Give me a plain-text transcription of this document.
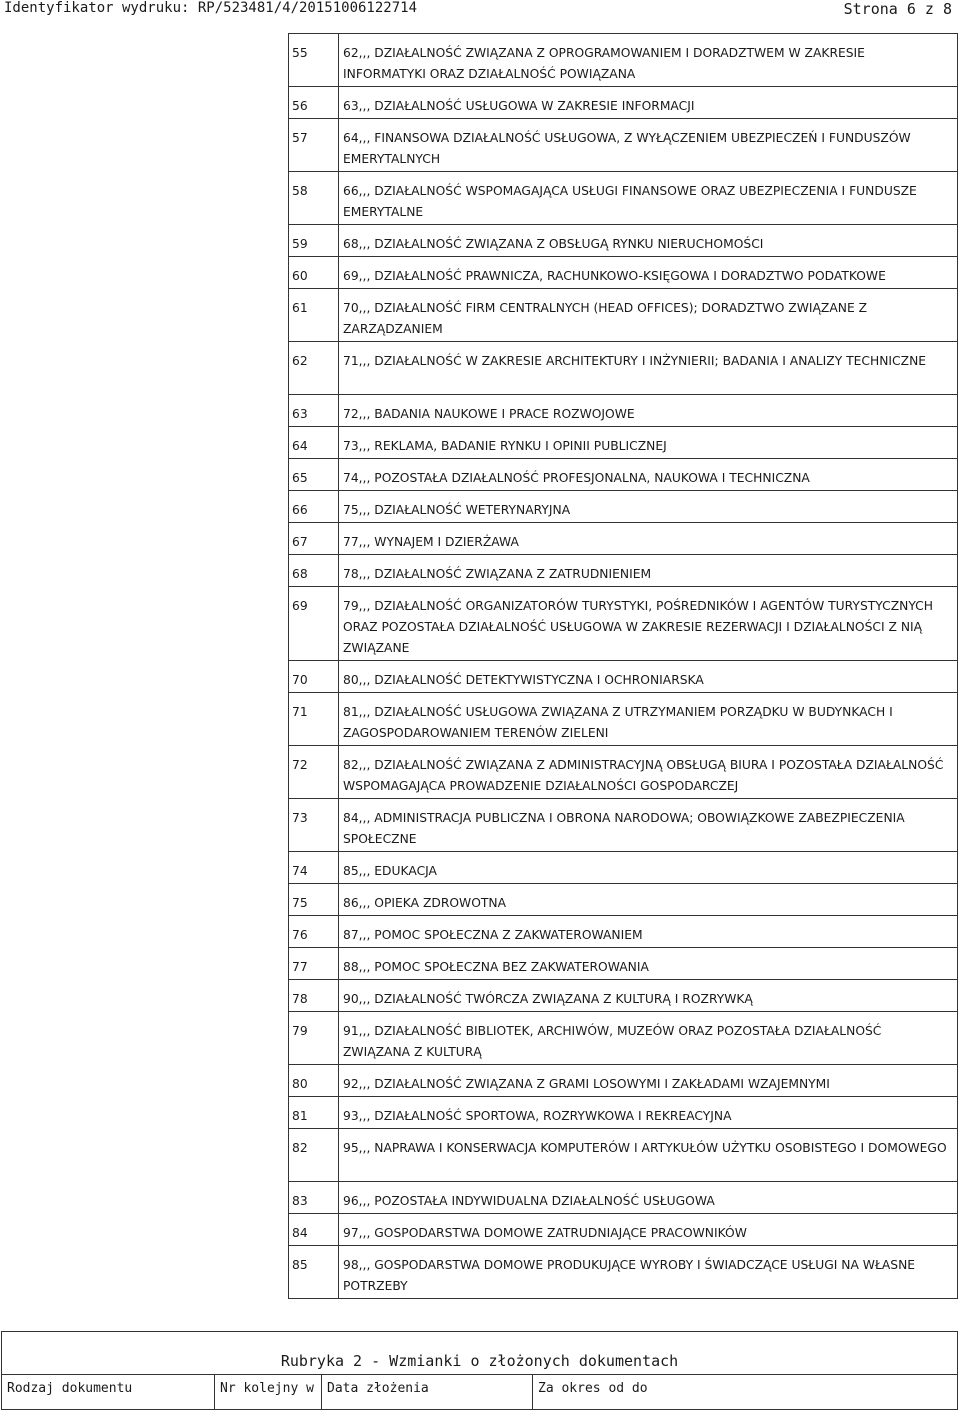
Identyfikator wydruku: RP/523481/4/20151006122714	Strona 6 z 8
55	62,,, DZIAŁALNOŚĆ ZWIĄZANA Z OPROGRAMOWANIEM I DORADZTWEM W ZAKRESIE INFORMATYKI ORAZ DZIAŁALNOŚĆ POWIĄZANA
56	63,,, DZIAŁALNOŚĆ USŁUGOWA W ZAKRESIE INFORMACJI
57	64,,, FINANSOWA DZIAŁALNOŚĆ USŁUGOWA, Z WYŁĄCZENIEM UBEZPIECZEŃ I FUNDUSZÓW EMERYTALNYCH
58	66,,, DZIAŁALNOŚĆ WSPOMAGAJĄCA USŁUGI FINANSOWE ORAZ UBEZPIECZENIA I FUNDUSZE EMERYTALNE
59	68,,, DZIAŁALNOŚĆ ZWIĄZANA Z OBSŁUGĄ RYNKU NIERUCHOMOŚCI
60	69,,, DZIAŁALNOŚĆ PRAWNICZA, RACHUNKOWO-KSIĘGOWA I DORADZTWO PODATKOWE
61	70,,, DZIAŁALNOŚĆ FIRM CENTRALNYCH (HEAD OFFICES); DORADZTWO ZWIĄZANE Z ZARZĄDZANIEM
62	71,,, DZIAŁALNOŚĆ W ZAKRESIE ARCHITEKTURY I INŻYNIERII; BADANIA I ANALIZY TECHNICZNE
63	72,,, BADANIA NAUKOWE I PRACE ROZWOJOWE
64	73,,, REKLAMA, BADANIE RYNKU I OPINII PUBLICZNEJ
65	74,,, POZOSTAŁA DZIAŁALNOŚĆ PROFESJONALNA, NAUKOWA I TECHNICZNA
66	75,,, DZIAŁALNOŚĆ WETERYNARYJNA
67	77,,, WYNAJEM I DZIERŻAWA
68	78,,, DZIAŁALNOŚĆ ZWIĄZANA Z ZATRUDNIENIEM
69	79,,, DZIAŁALNOŚĆ ORGANIZATORÓW TURYSTYKI, POŚREDNIKÓW I AGENTÓW TURYSTYCZNYCH ORAZ POZOSTAŁA DZIAŁALNOŚĆ USŁUGOWA W ZAKRESIE REZERWACJI I DZIAŁALNOŚCI Z NIĄ ZWIĄZANE
70	80,,, DZIAŁALNOŚĆ DETEKTYWISTYCZNA I OCHRONIARSKA
71	81,,, DZIAŁALNOŚĆ USŁUGOWA ZWIĄZANA Z UTRZYMANIEM PORZĄDKU W BUDYNKACH I ZAGOSPODAROWANIEM TERENÓW ZIELENI
72	82,,, DZIAŁALNOŚĆ ZWIĄZANA Z ADMINISTRACYJNĄ OBSŁUGĄ BIURA I POZOSTAŁA DZIAŁALNOŚĆ WSPOMAGAJĄCA PROWADZENIE DZIAŁALNOŚCI GOSPODARCZEJ
73	84,,, ADMINISTRACJA PUBLICZNA I OBRONA NARODOWA; OBOWIĄZKOWE ZABEZPIECZENIA SPOŁECZNE
74	85,,, EDUKACJA
75	86,,, OPIEKA ZDROWOTNA
76	87,,, POMOC SPOŁECZNA Z ZAKWATEROWANIEM
77	88,,, POMOC SPOŁECZNA BEZ ZAKWATEROWANIA
78	90,,, DZIAŁALNOŚĆ TWÓRCZA ZWIĄZANA Z KULTURĄ I ROZRYWKĄ
79	91,,, DZIAŁALNOŚĆ BIBLIOTEK, ARCHIWÓW, MUZEÓW ORAZ POZOSTAŁA DZIAŁALNOŚĆ ZWIĄZANA Z KULTURĄ
80	92,,, DZIAŁALNOŚĆ ZWIĄZANA Z GRAMI LOSOWYMI I ZAKŁADAMI WZAJEMNYMI
81	93,,, DZIAŁALNOŚĆ SPORTOWA, ROZRYWKOWA I REKREACYJNA
82	95,,, NAPRAWA I KONSERWACJA KOMPUTERÓW I ARTYKUŁÓW UŻYTKU OSOBISTEGO I DOMOWEGO
83	96,,, POZOSTAŁA INDYWIDUALNA DZIAŁALNOŚĆ USŁUGOWA
84	97,,, GOSPODARSTWA DOMOWE ZATRUDNIAJĄCE PRACOWNIKÓW
85	98,,, GOSPODARSTWA DOMOWE PRODUKUJĄCE WYROBY I ŚWIADCZĄCE USŁUGI NA WŁASNE POTRZEBY
Rubryka 2 - Wzmianki o złożonych dokumentach
Rodzaj dokumentu	Nr kolejny w	Data złożenia	Za okres od do
